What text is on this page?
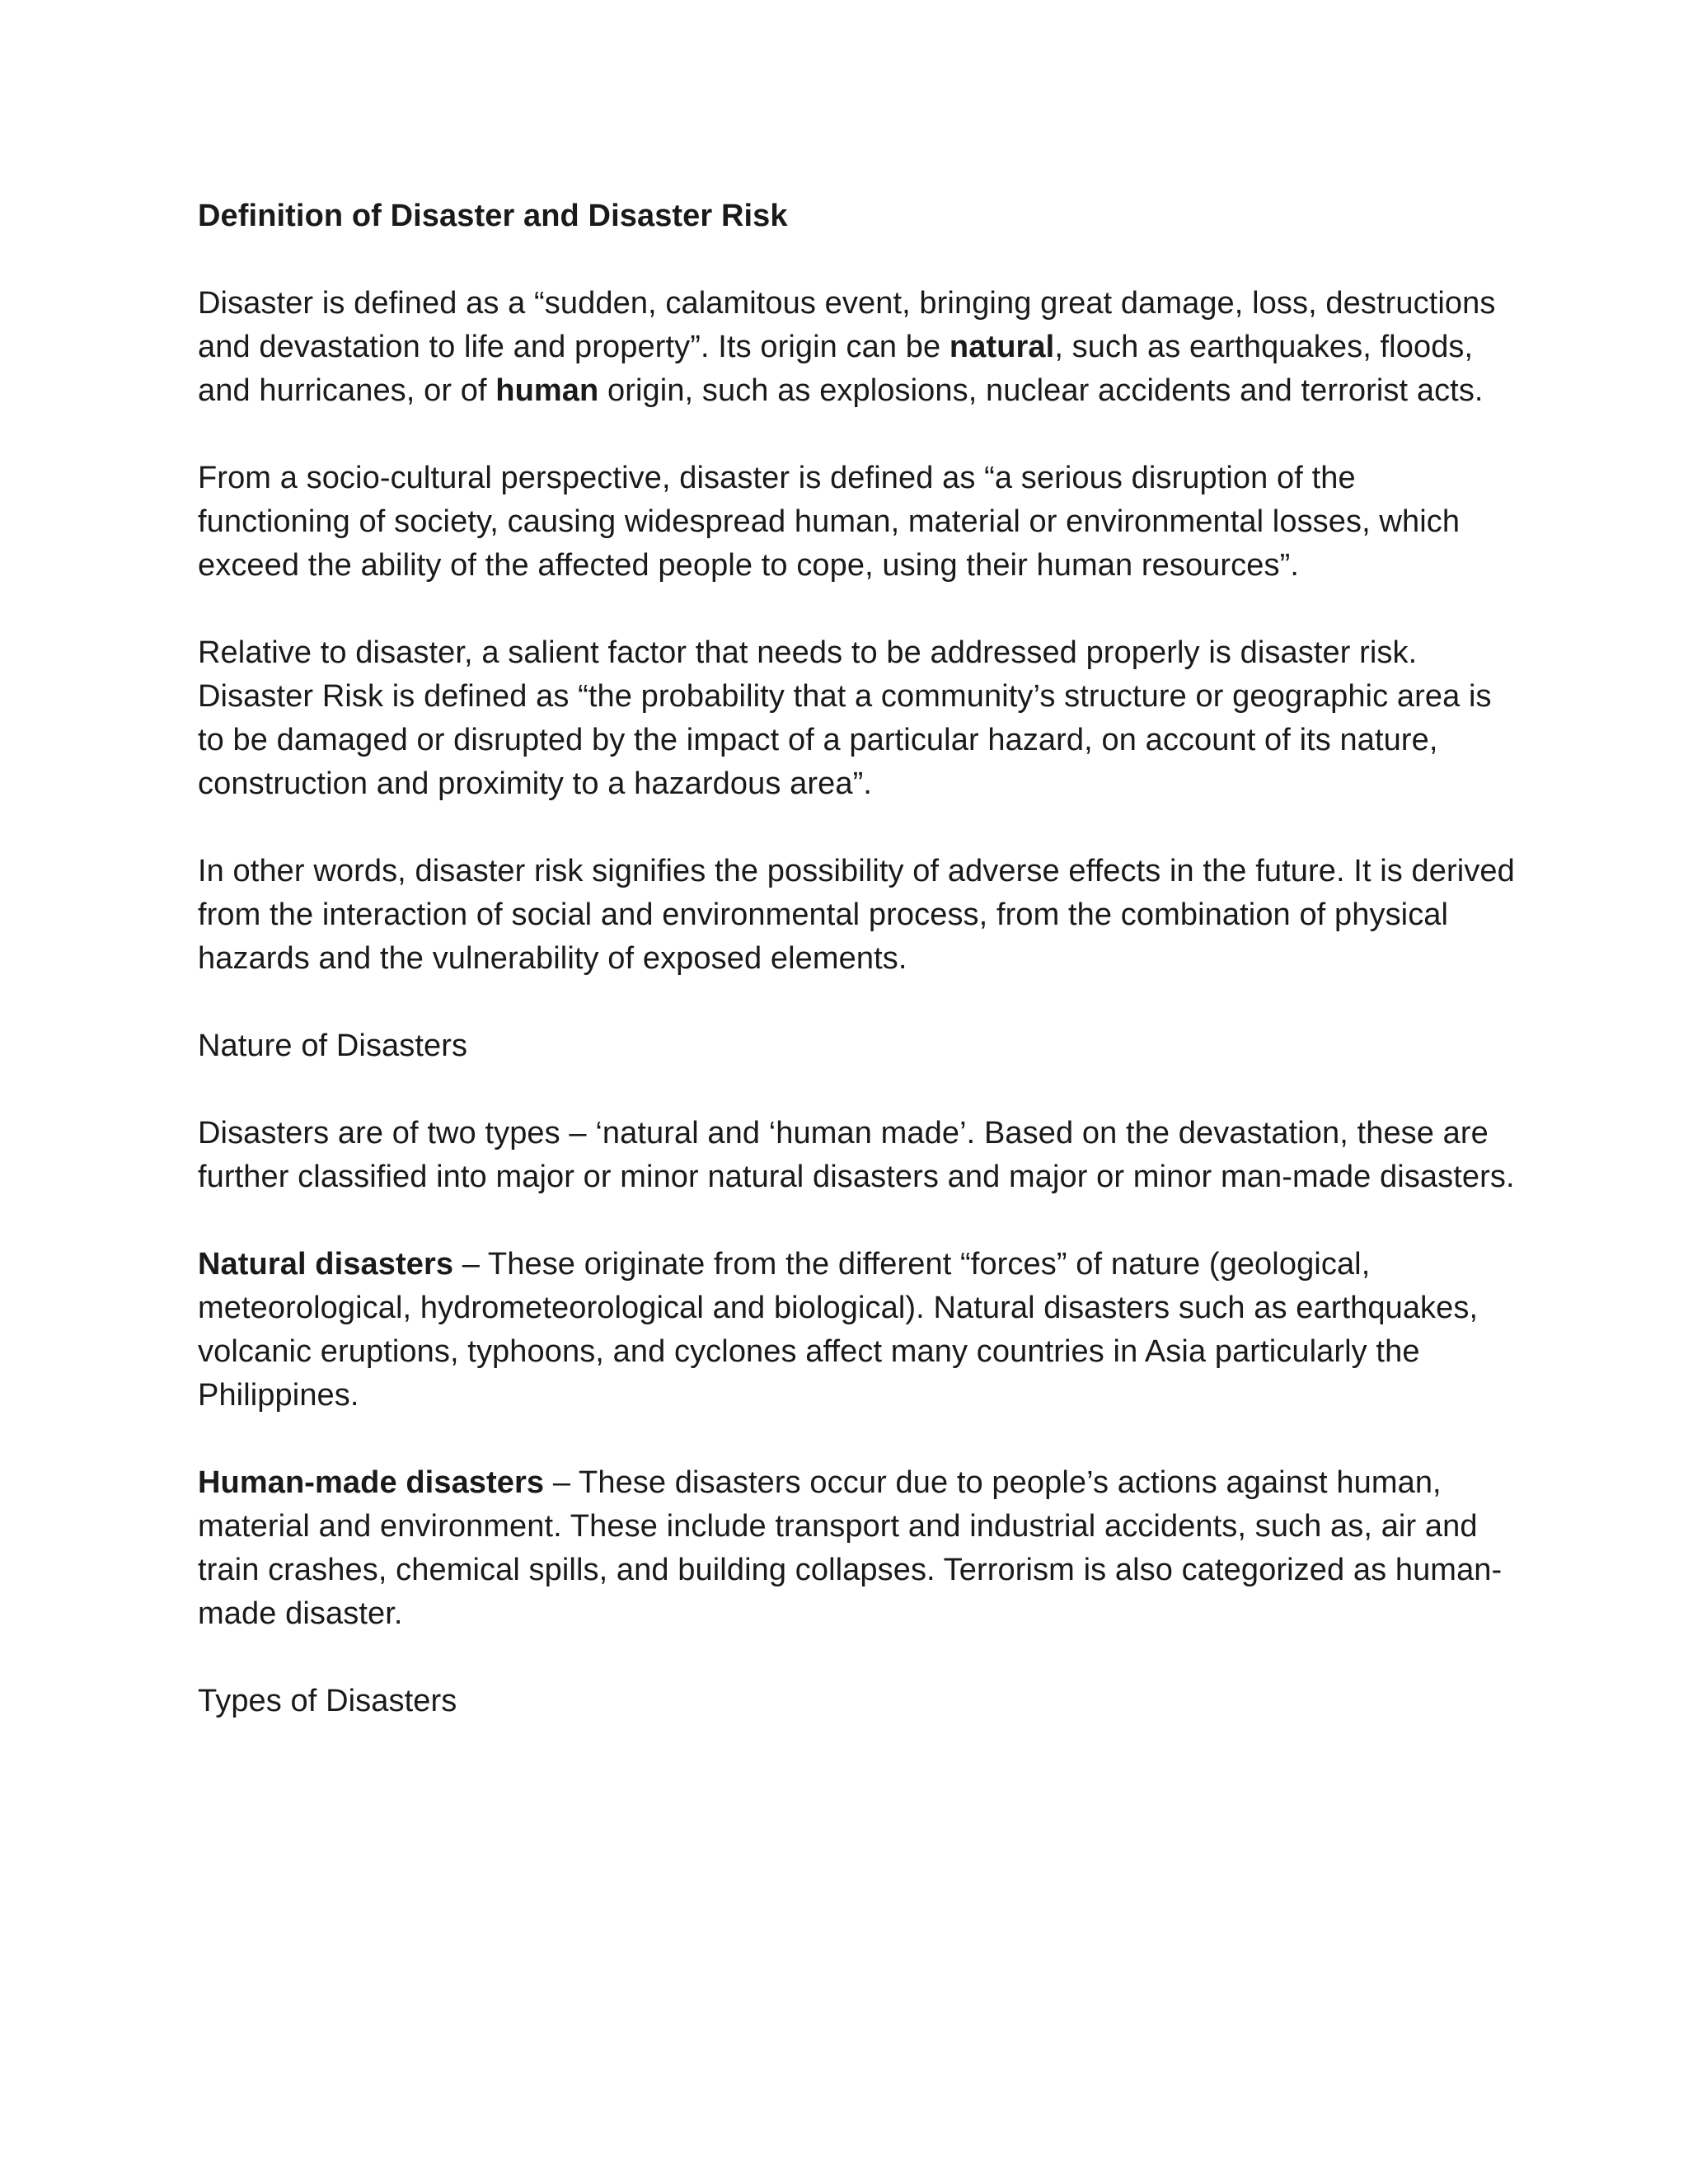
Definition of Disaster and Disaster Risk

Disaster is defined as a “sudden, calamitous event, bringing great damage, loss, destructions and devastation to life and property”. Its origin can be natural, such as earthquakes, floods, and hurricanes, or of human origin, such as explosions, nuclear accidents and terrorist acts.

From a socio-cultural perspective, disaster is defined as “a serious disruption of the functioning of society, causing widespread human, material or environmental losses, which exceed the ability of the affected people to cope, using their human resources”.

Relative to disaster, a salient factor that needs to be addressed properly is disaster risk. Disaster Risk is defined as “the probability that a community’s structure or geographic area is to be damaged or disrupted by the impact of a particular hazard, on account of its nature, construction and proximity to a hazardous area”.

In other words, disaster risk signifies the possibility of adverse effects in the future. It is derived from the interaction of social and environmental process, from the combination of physical hazards and the vulnerability of exposed elements.

Nature of Disasters

Disasters are of two types – ‘natural and ‘human made’. Based on the devastation, these are further classified into major or minor natural disasters and major or minor man-made disasters.

Natural disasters – These originate from the different “forces” of nature (geological, meteorological, hydrometeorological and biological). Natural disasters such as earthquakes, volcanic eruptions, typhoons, and cyclones affect many countries in Asia particularly the Philippines.

Human-made disasters – These disasters occur due to people’s actions against human, material and environment. These include transport and industrial accidents, such as, air and train crashes, chemical spills, and building collapses. Terrorism is also categorized as human-made disaster.

Types of Disasters
